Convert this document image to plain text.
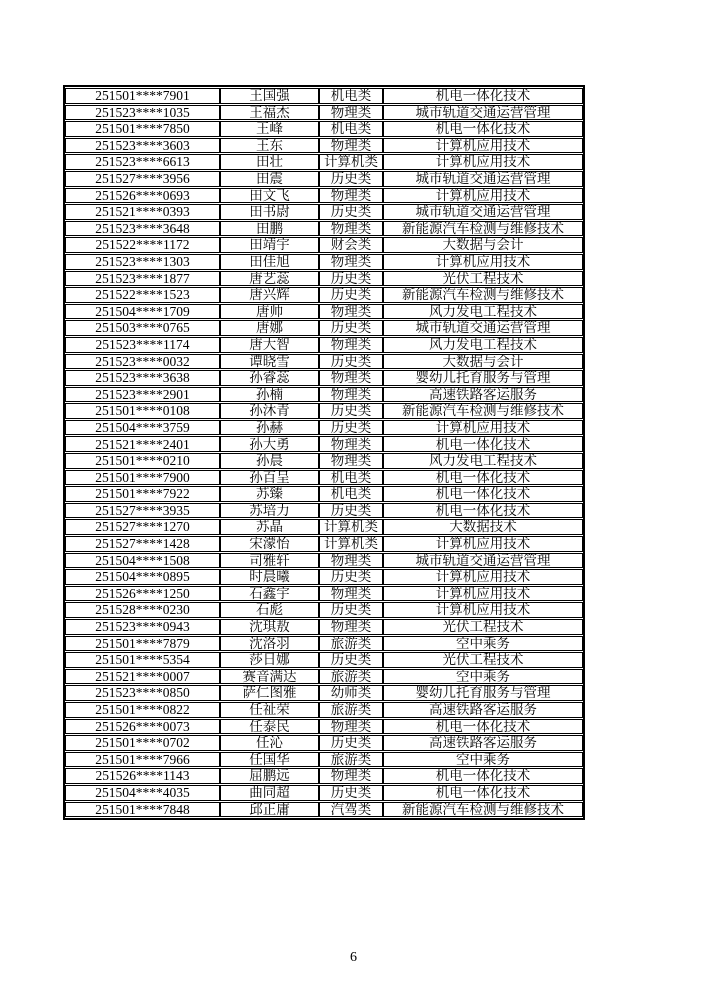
251501****7901	王国强	机电类	机电一体化技术
251523****1035	王福杰	物理类	城市轨道交通运营管理
251501****7850	王峰	机电类	机电一体化技术
251523****3603	王东	物理类	计算机应用技术
251523****6613	田壮	计算机类	计算机应用技术
251527****3956	田震	历史类	城市轨道交通运营管理
251526****0693	田文飞	物理类	计算机应用技术
251521****0393	田书尉	历史类	城市轨道交通运营管理
251523****3648	田鹏	物理类	新能源汽车检测与维修技术
251522****1172	田靖宇	财会类	大数据与会计
251523****1303	田佳旭	物理类	计算机应用技术
251523****1877	唐艺蕊	历史类	光伏工程技术
251522****1523	唐兴辉	历史类	新能源汽车检测与维修技术
251504****1709	唐帅	物理类	风力发电工程技术
251503****0765	唐娜	历史类	城市轨道交通运营管理
251523****1174	唐大智	物理类	风力发电工程技术
251523****0032	谭晓雪	历史类	大数据与会计
251523****3638	孙睿蕊	物理类	婴幼儿托育服务与管理
251523****2901	孙楠	物理类	高速铁路客运服务
251501****0108	孙沐青	历史类	新能源汽车检测与维修技术
251504****3759	孙赫	历史类	计算机应用技术
251521****2401	孙大勇	物理类	机电一体化技术
251501****0210	孙晨	物理类	风力发电工程技术
251501****7900	孙百呈	机电类	机电一体化技术
251501****7922	苏臻	机电类	机电一体化技术
251527****3935	苏培力	历史类	机电一体化技术
251527****1270	苏晶	计算机类	大数据技术
251527****1428	宋濛怡	计算机类	计算机应用技术
251504****1508	司雅轩	物理类	城市轨道交通运营管理
251504****0895	时晨曦	历史类	计算机应用技术
251526****1250	石鑫宇	物理类	计算机应用技术
251528****0230	石彪	历史类	计算机应用技术
251523****0943	沈琪敖	物理类	光伏工程技术
251501****7879	沈洛羽	旅游类	空中乘务
251501****5354	莎日娜	历史类	光伏工程技术
251521****0007	赛音满达	旅游类	空中乘务
251523****0850	萨仁图雅	幼师类	婴幼儿托育服务与管理
251501****0822	任祉荣	旅游类	高速铁路客运服务
251526****0073	任泰民	物理类	机电一体化技术
251501****0702	任沁	历史类	高速铁路客运服务
251501****7966	任国华	旅游类	空中乘务
251526****1143	屈鹏远	物理类	机电一体化技术
251504****4035	曲同超	历史类	机电一体化技术
251501****7848	邱正庸	汽驾类	新能源汽车检测与维修技术
6
